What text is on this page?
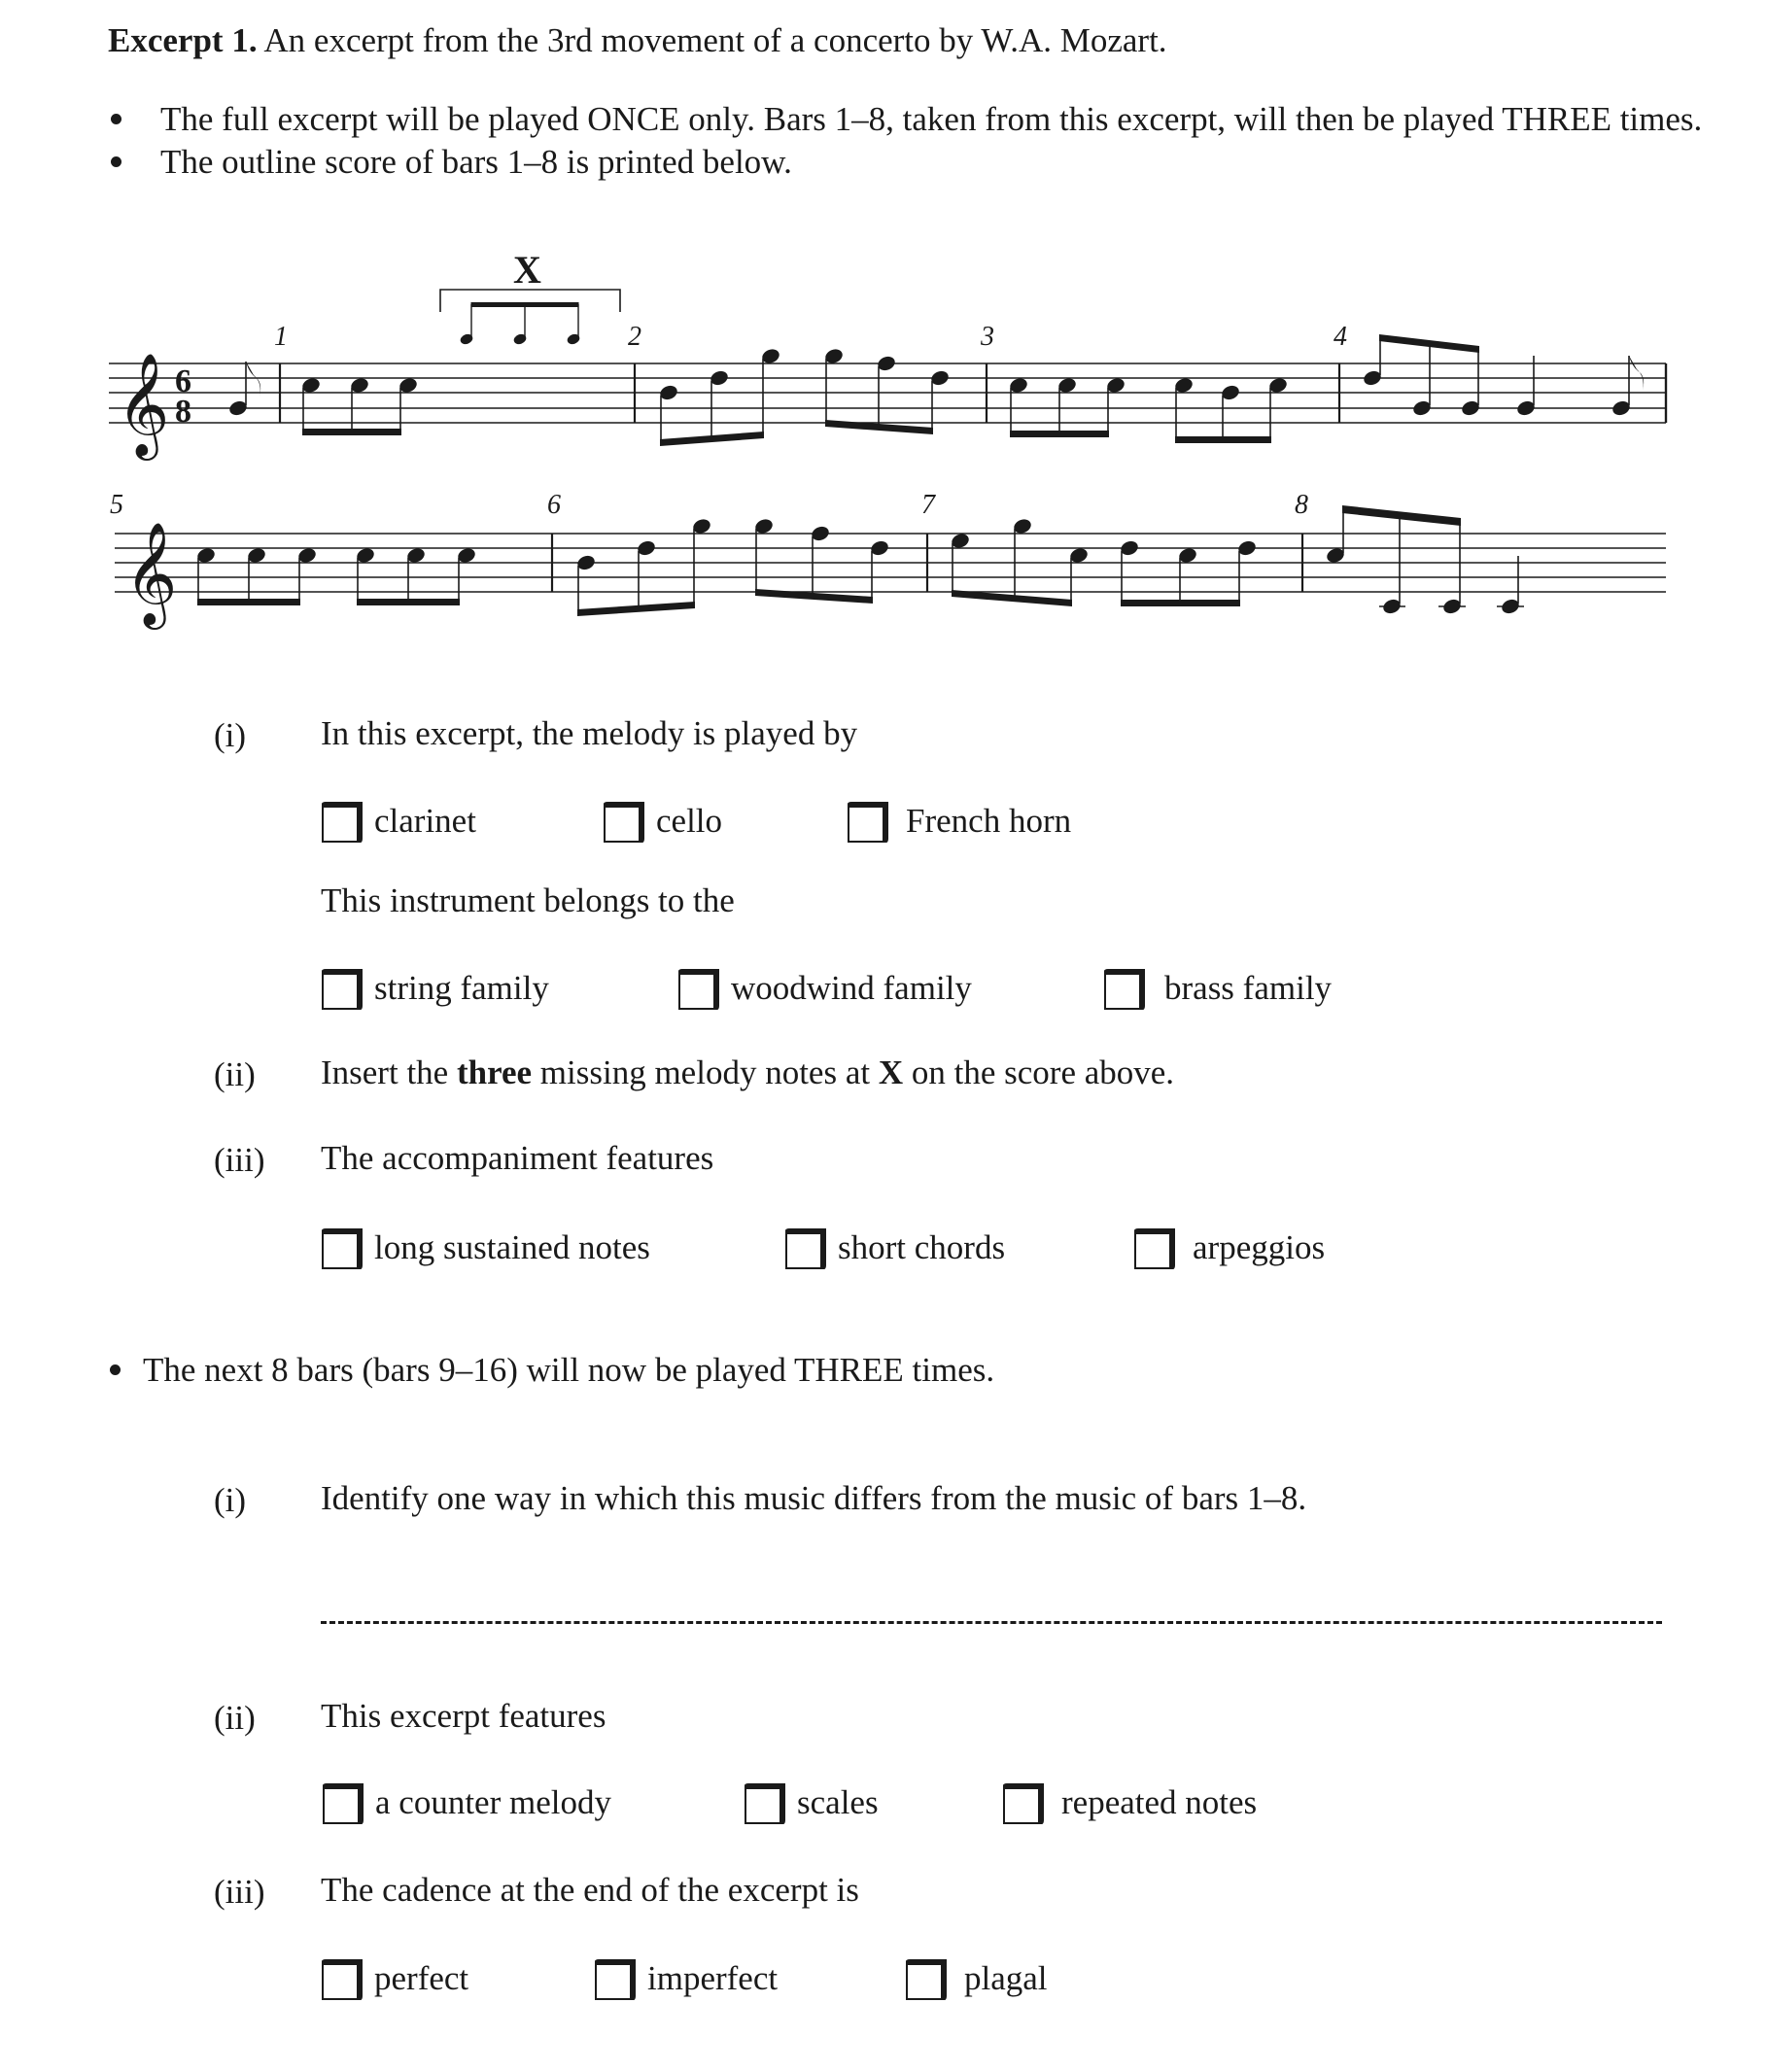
Excerpt 1. An excerpt from the 3rd movement of a concerto by W.A. Mozart.
The full excerpt will be played ONCE only. Bars 1–8, taken from this excerpt, will then be played THREE times.
The outline score of bars 1–8 is printed below.
𝄞 6
8
1	2	3	4
X
𝄞
5	6	7	8
(i) In this excerpt, the melody is played by
clarinet	cello	French horn
This instrument belongs to the
string family	woodwind family	brass family
(ii) Insert the three missing melody notes at X on the score above.
(iii) The accompaniment features
long sustained notes	short chords	arpeggios
The next 8 bars (bars 9–16) will now be played THREE times.
(i) Identify one way in which this music differs from the music of bars 1–8.
(ii) This excerpt features
a counter melody	scales	repeated notes
(iii) The cadence at the end of the excerpt is
perfect	imperfect	plagal
